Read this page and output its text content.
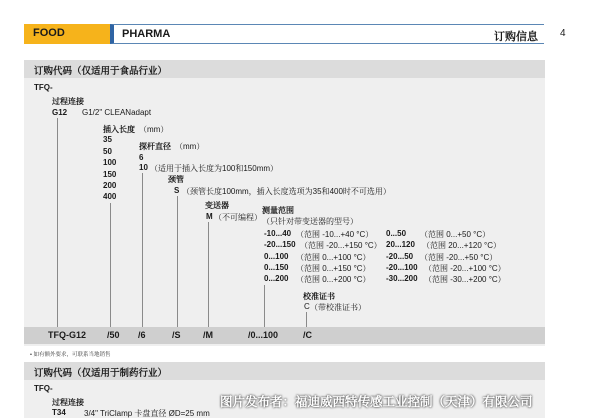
FOOD	PHARMA	订购信息 4
订购代码（仅适用于食品行业）
TFQ-
过程连接
G12 G1/2" CLEANadapt
插入长度 （mm）
35
50
100
150
200
400
探杆直径 （mm）
6
10 （适用于插入长度为100和150mm）
颈管
S （颈管长度100mm，插入长度选项为35和400时不可选用）
变送器
M （不可编程）
测量范围
（只针对带变送器的型号）
-10...40 （范围 -10...+40 °C）
-20...150 （范围 -20...+150 °C）
0...100 （范围 0...+100 °C）
0...150 （范围 0...+150 °C）
0...200 （范围 0...+200 °C）
0...50 （范围 0...+50 °C）
20...120 （范围 20...+120 °C）
-20...50 （范围 -20...+50 °C）
-20...100 （范围 -20...+100 °C）
-30...200 （范围 -30...+200 °C）
校准证书
C （带校准证书）
TFQ-G12 /50 /6	/S /M	/0...100	/C
• 如有额外要求，可联系当地销售
订购代码（仅适用于制药行业）
TFQ-
过程连接
T34 3/4" TriClamp 卡盘直径 ØD=25 mm
图片发布者：福迪威西特传感工业控制（天津）有限公司
